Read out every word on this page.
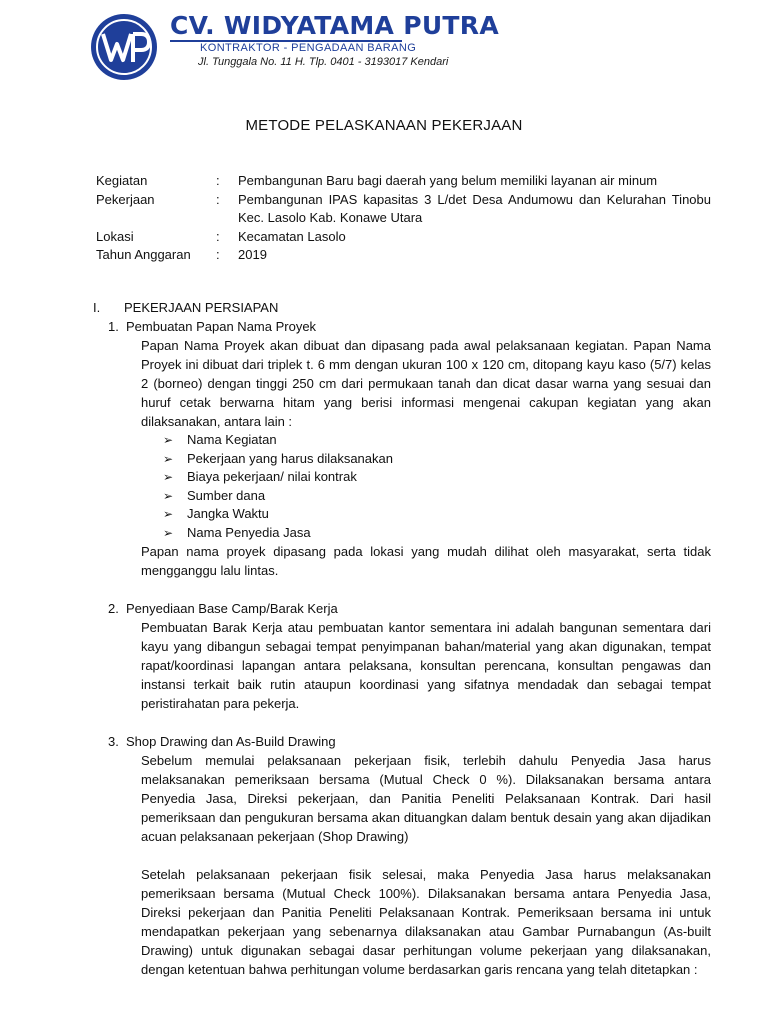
CV. WIDYATAMA PUTRA
KONTRAKTOR - PENGADAAN BARANG
Jl. Tunggala No. 11 H. Tlp. 0401 - 3193017 Kendari
METODE PELASKANAAN PEKERJAAN
Kegiatan	:	Pembangunan Baru bagi daerah yang belum memiliki layanan air minum
Pekerjaan	:	Pembangunan IPAS kapasitas 3 L/det Desa Andumowu dan Kelurahan Tinobu Kec. Lasolo Kab. Konawe Utara
Lokasi	:	Kecamatan Lasolo
Tahun Anggaran	:	2019
I.	PEKERJAAN PERSIAPAN
1. Pembuatan Papan Nama Proyek
Papan Nama Proyek akan dibuat dan dipasang pada awal pelaksanaan kegiatan. Papan Nama Proyek ini dibuat dari triplek t. 6 mm dengan ukuran 100 x 120 cm, ditopang kayu kaso (5/7) kelas 2 (borneo) dengan tinggi 250 cm dari permukaan tanah dan dicat dasar warna yang sesuai dan huruf cetak berwarna hitam yang berisi informasi mengenai cakupan kegiatan yang akan dilaksanakan, antara lain :
➢	Nama Kegiatan
➢	Pekerjaan yang harus dilaksanakan
➢	Biaya pekerjaan/ nilai kontrak
➢	Sumber dana
➢	Jangka Waktu
➢	Nama Penyedia Jasa
Papan nama proyek dipasang pada lokasi yang mudah dilihat oleh masyarakat, serta tidak mengganggu lalu lintas.
2. Penyediaan Base Camp/Barak Kerja
Pembuatan Barak Kerja atau pembuatan kantor sementara ini adalah bangunan sementara dari kayu yang dibangun sebagai tempat penyimpanan bahan/material yang akan digunakan, tempat rapat/koordinasi lapangan antara pelaksana, konsultan perencana, konsultan pengawas dan instansi terkait baik rutin ataupun koordinasi yang sifatnya mendadak dan sebagai tempat peristirahatan para pekerja.
3. Shop Drawing dan As-Build Drawing
Sebelum memulai pelaksanaan pekerjaan fisik, terlebih dahulu Penyedia Jasa harus melaksanakan pemeriksaan bersama (Mutual Check 0 %). Dilaksanakan bersama antara Penyedia Jasa, Direksi pekerjaan, dan Panitia Peneliti Pelaksanaan Kontrak. Dari hasil pemeriksaan dan pengukuran bersama akan dituangkan dalam bentuk desain yang akan dijadikan acuan pelaksanaan pekerjaan (Shop Drawing)
Setelah pelaksanaan pekerjaan fisik selesai, maka Penyedia Jasa harus melaksanakan pemeriksaan bersama (Mutual Check 100%). Dilaksanakan bersama antara Penyedia Jasa, Direksi pekerjaan dan Panitia Peneliti Pelaksanaan Kontrak. Pemeriksaan bersama ini untuk mendapatkan pekerjaan yang sebenarnya dilaksanakan atau Gambar Purnabangun (As-built Drawing) untuk digunakan sebagai dasar perhitungan volume pekerjaan yang dilaksanakan, dengan ketentuan bahwa perhitungan volume berdasarkan garis rencana yang telah ditetapkan :
